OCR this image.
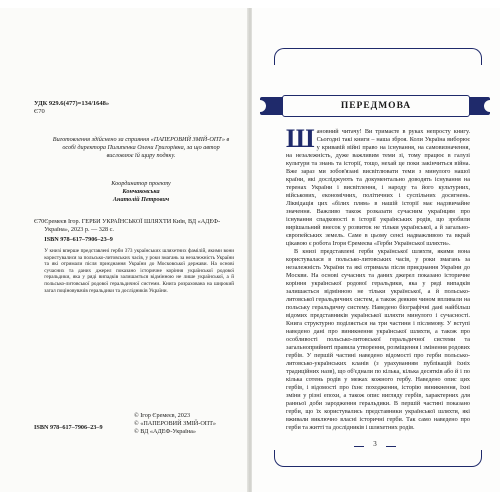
УДК 929.6(477)=134/1648»
Є70
Виготовлення здійснено за сприяння «ПАПЕРОВИЙ ЗМІЙ-ОПТ» в особі директора Пилипенка Олени Григорівна, за що автор висловлює їй щиру подяку.
Координатор проекту
Кончаковська
Анатолій Петрович
Є70 Єремеєв Ігор. ГЕРБИ УКРАЇНСЬКОЇ ШЛЯХТИ Київ, ВД «АДЕФ-Україна», 2023 р. — 328 с.
ISBN 978–617–7906–23–9
У книзі вперше представлені герби 373 українських шляхетних фамілій, якими вони користувалися за польсько-литовських часів, у роки змагань за незалежність України та які отримали після приєднання України до Московської держави. На основі сучасних та даних джерел показано історичне коріння української родової геральдики, яка у ряді випадків залишається відмінною не лише української, а й польсько-литовської родової геральдичної системи. Книга розрахована на широкий загал поціновувачів геральдики та дослідників України.
ISBN 978–617–7906–23–9
© Ігор Єремеєв, 2023
© «ПАПЕРОВИЙ ЗМІЙ-ОПТ»
© ВД «АДЕФ-Україна»
ПЕРЕДМОВА
Ш ановний читачу! Ви тримаєте в руках непросту книгу. Сьогодні такі книги – наша зброя. Коли Україна виборює у кривавій війні право на існування, на самовизначення, на незалежність, дуже важливим теми зі, тому працює в галузі культури та знань та історії, тощо, нехай це поки закінчиться війна. Вже зараз ми зобов'язані висвітлювати теми з минулого нашої країни, які досліджують та документально доводять існування на теренах України і висвітлення, і народу та його культурних, військових, економічних, політичних і суспільних досягнень. Ліквідація цих «білих плям» в нашій історії має надзвичайне значення. Важливо також розказати сучасним українцям про існування спадковості в історії українських родів, що зробили вирішальний внесок у розвиток не тільки української, а й загально-європейських земель. Саме в цьому сенсі надважливою та вкрай цікавою є робота Ігоря Єремеєва «Герби Української шляхти».

В книзі представлені герби української шляхти, якими вона користувалася в польсько-литовських часів, у роки змагань за незалежність України та які отримала після приєднання України до Москви. На основі сучасних та даних джерел показано історичне коріння української родової геральдики, яка у ряді випадків залишається відмінною не тільки української, а й польсько-литовської геральдичних систем, а також деяким чином впливали на польську геральдичну систему. Наведено біографічні дані найбільш відомих представників української шляхти минулого і сучасності. Книга структурно поділяється на три частини і післямову. У вступі наведено дані про виникнення української шляхти, а також про особливості польсько-литовської геральдичної системи та загальноприйняті правила утворення, розміщення і змінення родових гербів. У першій частині наведено відомості про герби польсько-литовсько-українських кланів (з урахуванням публікацій їхніх традиційних назв), що об'єднали по кілька, кілька десятків або й і по кілька сотень родів у межах кожного гербу. Наведено опис цих гербів, і відомості про їхнє походження, історію виникнення, їхні зміни у різні епохи, а також опис вигляду гербів, характерних для ранньої доби зародження геральдики. В першій частині показано герби, що їх користувались представники української шляхти, які вживали виключно власні історичні герби. Так само наведено про герби та житті та дослідників і шляхетних родів.

3
